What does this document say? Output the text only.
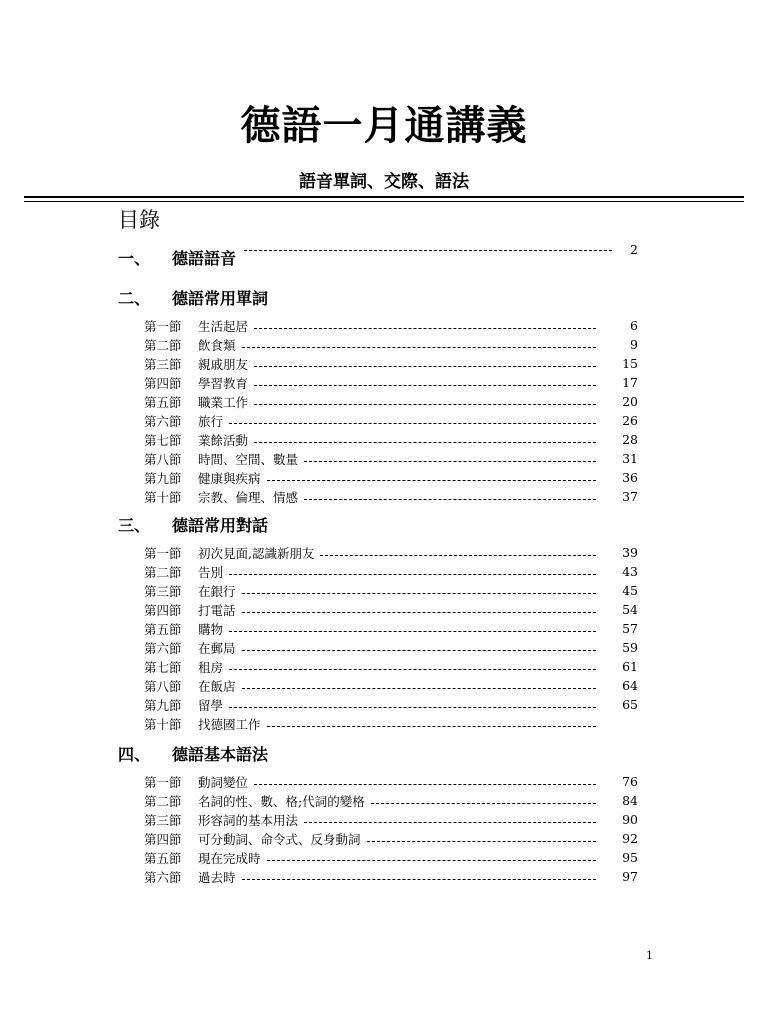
德語一月通講義
語音單詞、交際、語法
目錄
一、	德語語音	2
二、	德語常用單詞
第一節	生活起居	6
第二節	飲食類	9
第三節	親戚朋友	15
第四節	學習教育	17
第五節	職業工作	20
第六節	旅行	26
第七節	業餘活動	28
第八節	時間、空間、數量	31
第九節	健康與疾病	36
第十節	宗教、倫理、情感	37
三、	德語常用對話
第一節	初次見面,認識新朋友	39
第二節	告別	43
第三節	在銀行	45
第四節	打電話	54
第五節	購物	57
第六節	在郵局	59
第七節	租房	61
第八節	在飯店	64
第九節	留學	65
第十節	找德國工作
四、	德語基本語法
第一節	動詞變位	76
第二節	名詞的性、數、格;代詞的變格	84
第三節	形容詞的基本用法	90
第四節	可分動詞、命令式、反身動詞	92
第五節	現在完成時	95
第六節	過去時	97
1
